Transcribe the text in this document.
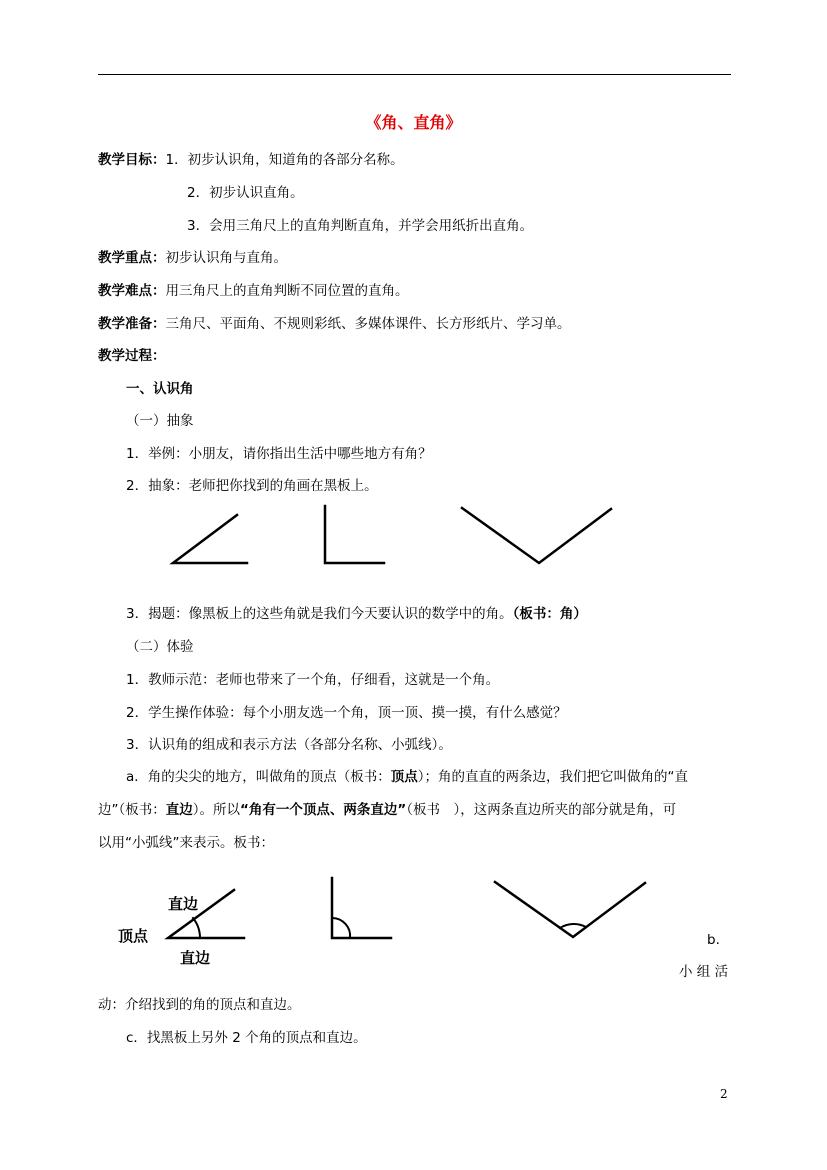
《角、直角》
教学目标：1．初步认识角，知道角的各部分名称。
2．初步认识直角。
3．会用三角尺上的直角判断直角，并学会用纸折出直角。
教学重点：初步认识角与直角。
教学难点：用三角尺上的直角判断不同位置的直角。
教学准备：三角尺、平面角、不规则彩纸、多媒体课件、长方形纸片、学习单。
教学过程：
一、认识角
（一）抽象
1．举例：小朋友，请你指出生活中哪些地方有角？
2．抽象：老师把你找到的角画在黑板上。
直边
顶点
直边
3．揭题：像黑板上的这些角就是我们今天要认识的数学中的角。（板书：角）
（二）体验
1．教师示范：老师也带来了一个角，仔细看，这就是一个角。
2．学生操作体验：每个小朋友选一个角，顶一顶、摸一摸，有什么感觉？
3．认识角的组成和表示方法（各部分名称、小弧线）。
a．角的尖尖的地方，叫做角的顶点（板书：顶点）；角的直直的两条边，我们把它叫做角的“直
边”（板书：直边）。所以“角有一个顶点、两条直边”（板书　），这两条直边所夹的部分就是角，可
以用“小弧线”来表示。板书：
b.
小 组 活
动：介绍找到的角的顶点和直边。
c．找黑板上另外 2 个角的顶点和直边。
2
